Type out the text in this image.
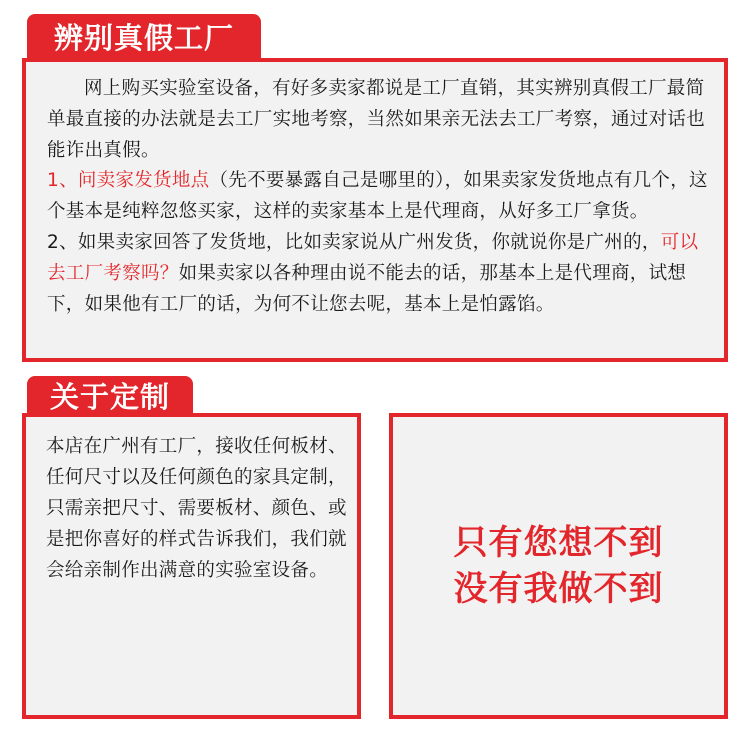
辨别真假工厂

网上购买实验室设备，有好多卖家都说是工厂直销，其实辨别真假工厂最简单最直接的办法就是去工厂实地考察，当然如果亲无法去工厂考察，通过对话也能诈出真假。

1、问卖家发货地点（先不要暴露自己是哪里的），如果卖家发货地点有几个，这个基本是纯粹忽悠买家，这样的卖家基本上是代理商，从好多工厂拿货。

2、如果卖家回答了发货地，比如卖家说从广州发货，你就说你是广州的，可以去工厂考察吗？如果卖家以各种理由说不能去的话，那基本上是代理商，试想下，如果他有工厂的话，为何不让您去呢，基本上是怕露馅。

关于定制

本店在广州有工厂，接收任何板材、任何尺寸以及任何颜色的家具定制，只需亲把尺寸、需要板材、颜色、或是把你喜好的样式告诉我们，我们就会给亲制作出满意的实验室设备。

只有您想不到
没有我做不到
